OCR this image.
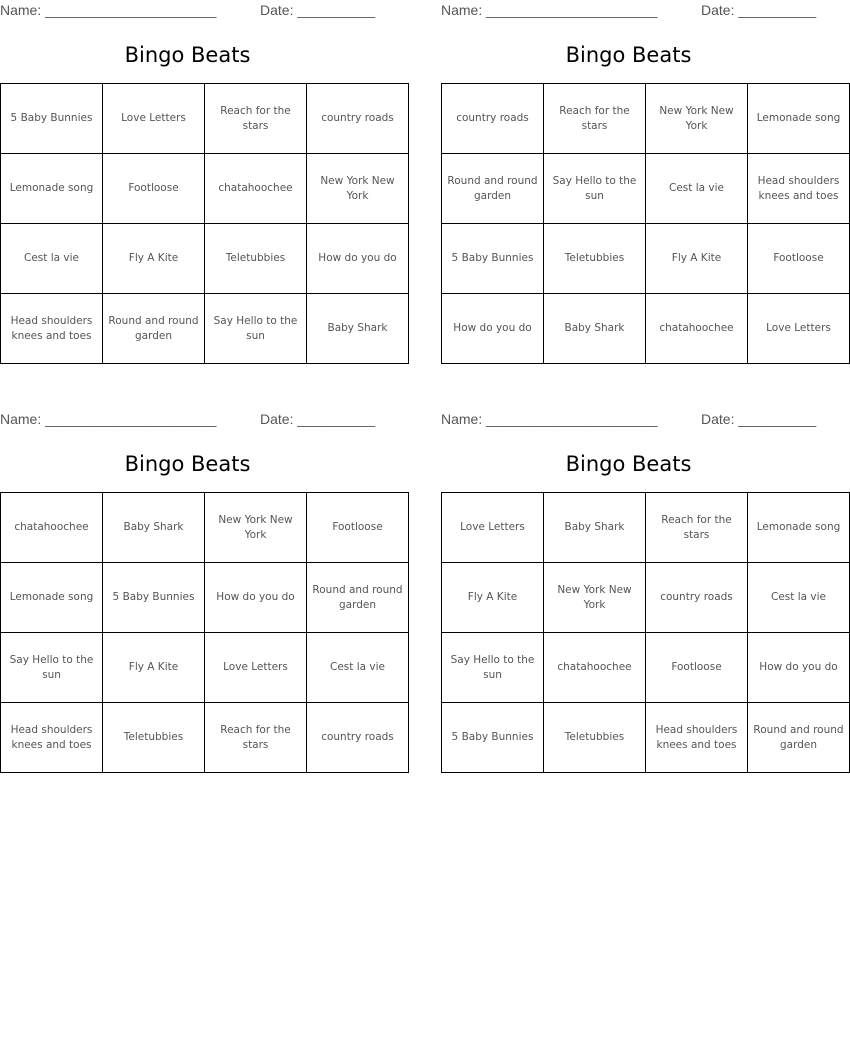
Name: ______________________	Date: __________
Bingo Beats
5 Baby Bunnies	Love Letters	Reach for the stars	country roads
Lemonade song	Footloose	chatahoochee	New York New York
Cest la vie	Fly A Kite	Teletubbies	How do you do
Head shoulders knees and toes	Round and round garden	Say Hello to the sun	Baby Shark
Name: ______________________	Date: __________
Bingo Beats
country roads	Reach for the stars	New York New York	Lemonade song
Round and round garden	Say Hello to the sun	Cest la vie	Head shoulders knees and toes
5 Baby Bunnies	Teletubbies	Fly A Kite	Footloose
How do you do	Baby Shark	chatahoochee	Love Letters
Name: ______________________	Date: __________
Bingo Beats
chatahoochee	Baby Shark	New York New York	Footloose
Lemonade song	5 Baby Bunnies	How do you do	Round and round garden
Say Hello to the sun	Fly A Kite	Love Letters	Cest la vie
Head shoulders knees and toes	Teletubbies	Reach for the stars	country roads
Name: ______________________	Date: __________
Bingo Beats
Love Letters	Baby Shark	Reach for the stars	Lemonade song
Fly A Kite	New York New York	country roads	Cest la vie
Say Hello to the sun	chatahoochee	Footloose	How do you do
5 Baby Bunnies	Teletubbies	Head shoulders knees and toes	Round and round garden
